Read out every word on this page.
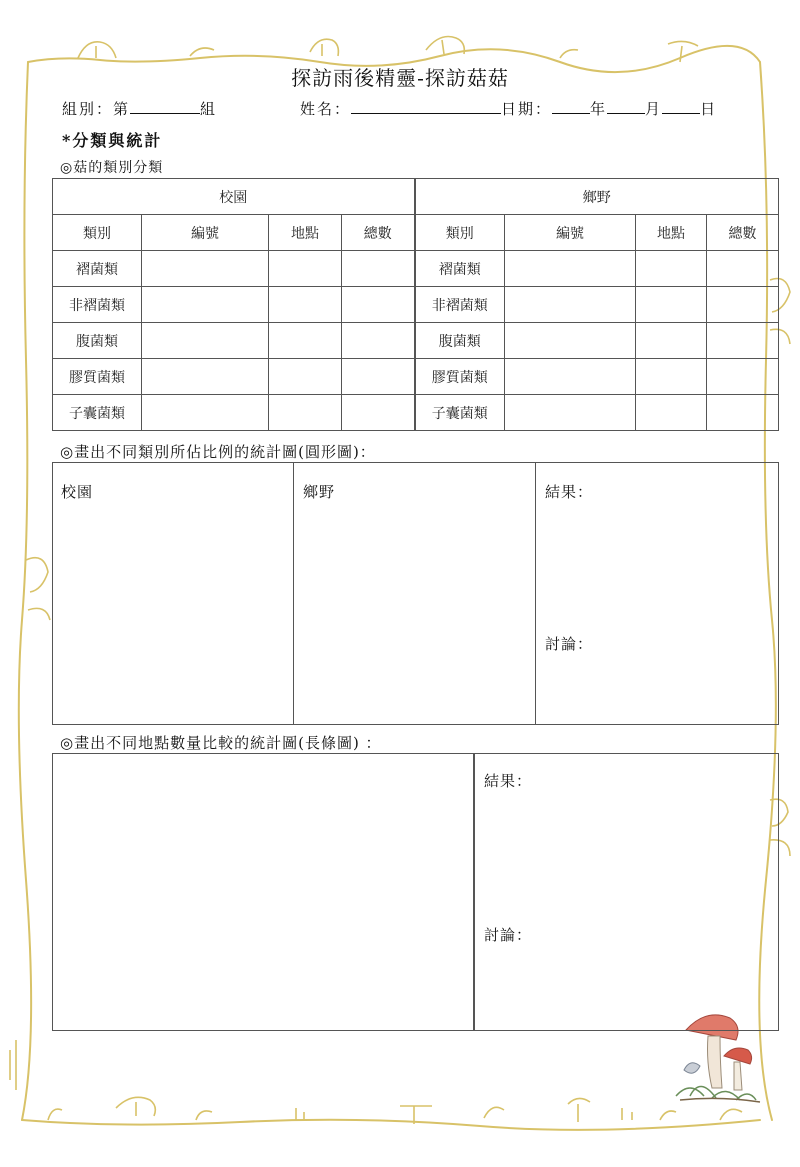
探訪雨後精靈-探訪菇菇
組別：第	組	姓名：	日期：	年	月	日
*分類與統計
◎菇的類別分類
校園				鄉野			
類別	編號	地點	總數	類別	編號	地點	總數
褶菌類				褶菌類			
非褶菌類				非褶菌類			
腹菌類				腹菌類			
膠質菌類				膠質菌類			
子囊菌類				子囊菌類			
◎畫出不同類別所佔比例的統計圖(圓形圖)：
校園	鄉野	結果：
討論：
◎畫出不同地點數量比較的統計圖(長條圖) ：
結果：
討論：
